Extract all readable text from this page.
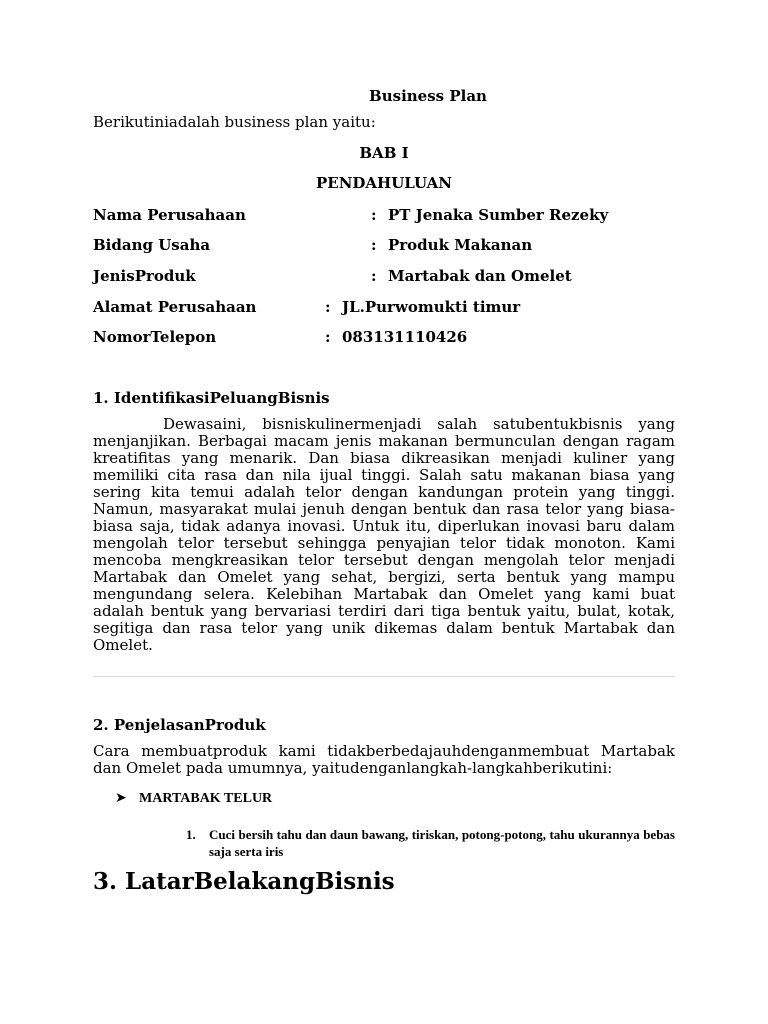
Business Plan
Berikutiniadalah business plan yaitu:
BAB I
PENDAHULUAN
Nama Perusahaan	: PT Jenaka Sumber Rezeky
Bidang Usaha	: Produk Makanan
JenisProduk	: Martabak dan Omelet
Alamat Perusahaan	: JL.Purwomukti timur
NomorTelepon	: 083131110426
1. IdentifikasiPeluangBisnis
Dewasaini, bisniskulinermenjadi salah satubentukbisnis yang menjanjikan. Berbagai macam jenis makanan bermunculan dengan ragam kreatifitas yang menarik. Dan biasa dikreasikan menjadi kuliner yang memiliki cita rasa dan nila ijual tinggi. Salah satu makanan biasa yang sering kita temui adalah telor dengan kandungan protein yang tinggi. Namun, masyarakat mulai jenuh dengan bentuk dan rasa telor yang biasa-biasa saja, tidak adanya inovasi. Untuk itu, diperlukan inovasi baru dalam mengolah telor tersebut sehingga penyajian telor tidak monoton. Kami mencoba mengkreasikan telor tersebut dengan mengolah telor menjadi Martabak dan Omelet yang sehat, bergizi, serta bentuk yang mampu mengundang selera. Kelebihan Martabak dan Omelet yang kami buat adalah bentuk yang bervariasi terdiri dari tiga bentuk yaitu, bulat, kotak, segitiga dan rasa telor yang unik dikemas dalam bentuk Martabak dan Omelet.
2. PenjelasanProduk
Cara membuatproduk kami tidakberbedajauhdenganmembuat Martabak dan Omelet pada umumnya, yaitudenganlangkah-langkahberikutini:
➤ MARTABAK TELUR
1. Cuci bersih tahu dan daun bawang, tiriskan, potong-potong, tahu ukurannya bebas saja serta iris
3. LatarBelakangBisnis
